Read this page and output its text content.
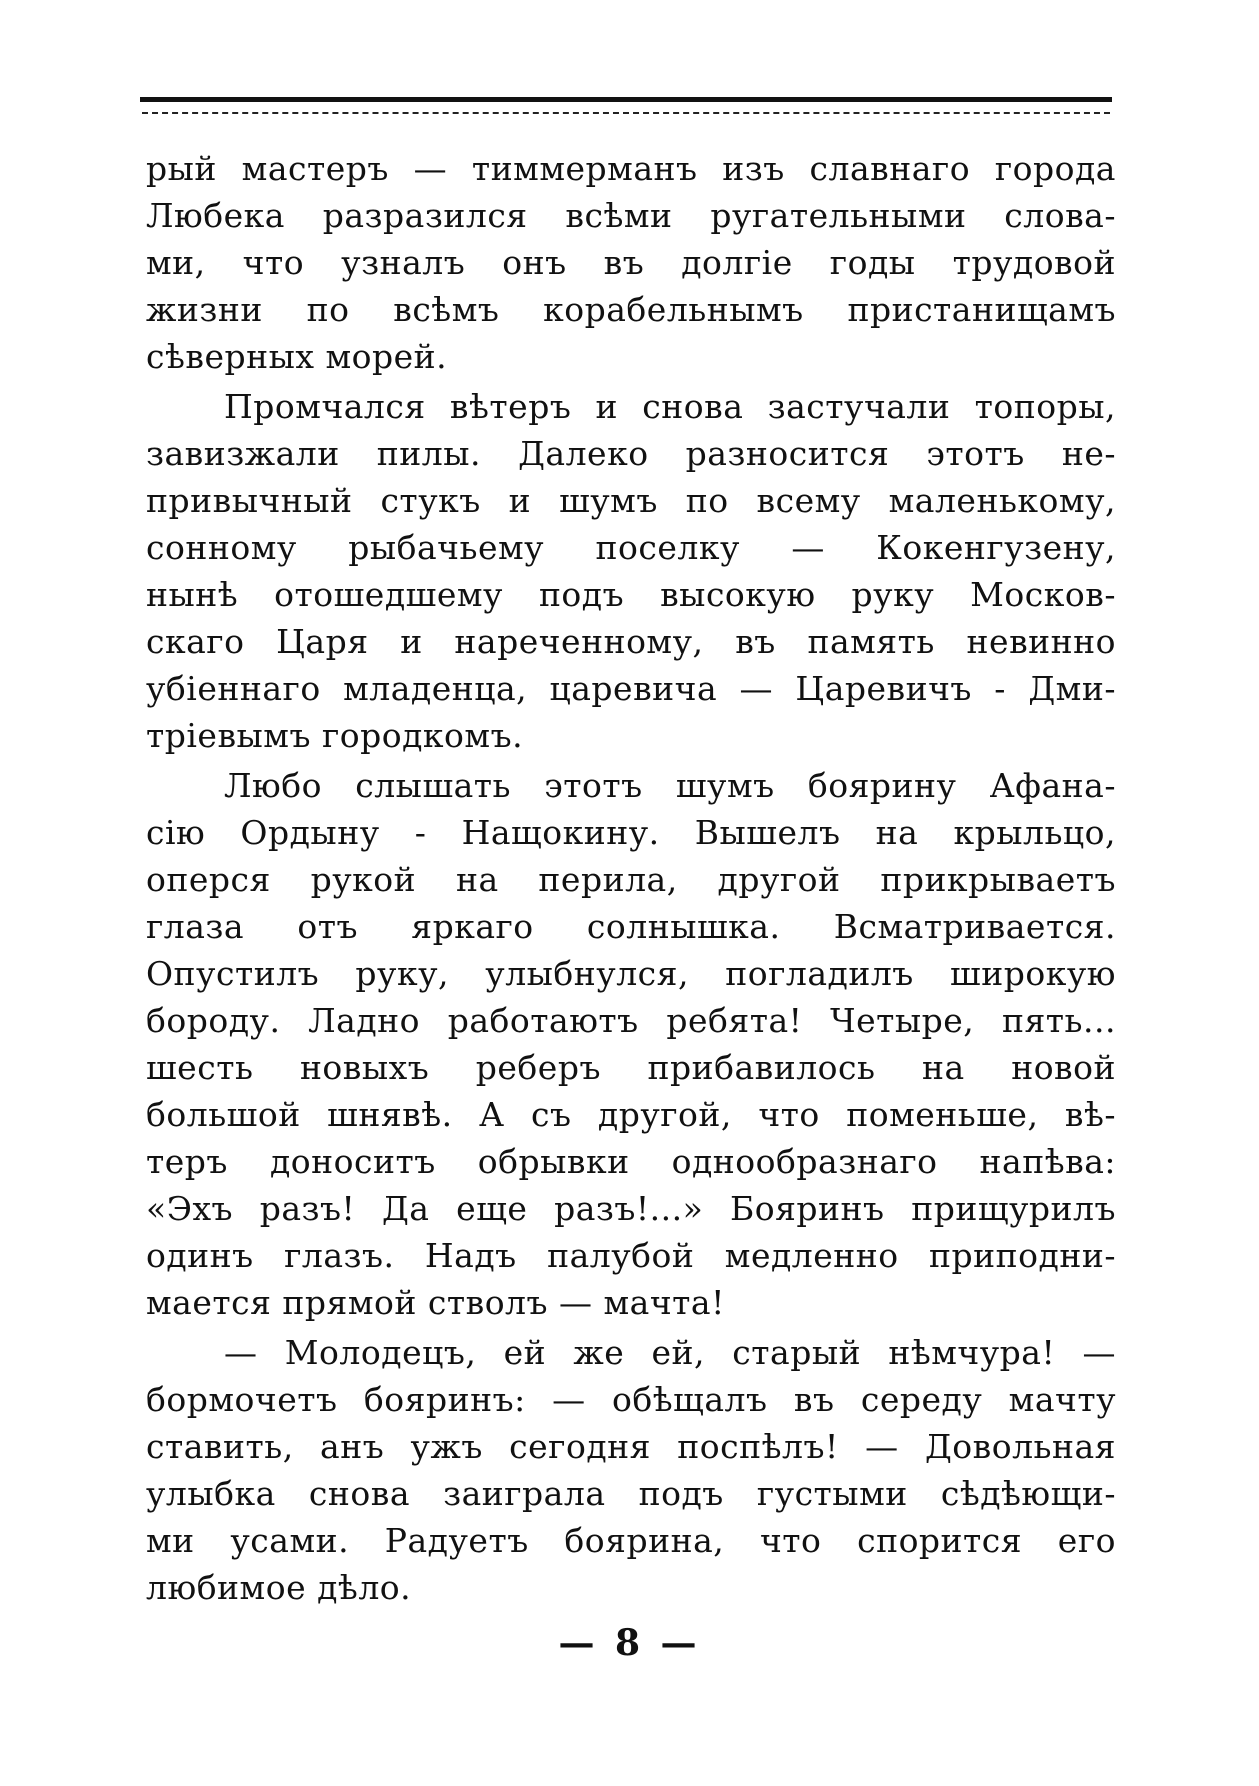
рый мастеръ — тиммерманъ изъ славнаго города
Любека разразился всѣми ругательными слова-
ми, что узналъ онъ въ долгіе годы трудовой
жизни по всѣмъ корабельнымъ пристанищамъ
сѣверных морей.
Промчался вѣтеръ и снова застучали топоры,
завизжали пилы. Далеко разносится этотъ не-
привычный стукъ и шумъ по всему маленькому,
сонному рыбачьему поселку — Кокенгузену,
нынѣ отошедшему подъ высокую руку Москов-
скаго Царя и нареченному, въ память невинно
убіеннаго младенца, царевича — Царевичъ - Дми-
тріевымъ городкомъ.
Любо слышать этотъ шумъ боярину Афана-
сію Ордыну - Нащокину. Вышелъ на крыльцо,
оперся рукой на перила, другой прикрываетъ
глаза отъ яркаго солнышка. Всматривается.
Опустилъ руку, улыбнулся, погладилъ широкую
бороду. Ладно работаютъ ребята! Четыре, пять...
шесть новыхъ реберъ прибавилось на новой
большой шнявѣ. А съ другой, что поменьше, вѣ-
теръ доноситъ обрывки однообразнаго напѣва:
«Эхъ разъ! Да еще разъ!...» Бояринъ прищурилъ
одинъ глазъ. Надъ палубой медленно приподни-
мается прямой стволъ — мачта!
— Молодецъ, ей же ей, старый нѣмчура! —
бормочетъ бояринъ: — обѣщалъ въ середу мачту
ставить, анъ ужъ сегодня поспѣлъ! — Довольная
улыбка снова заиграла подъ густыми сѣдѣющи-
ми усами. Радуетъ боярина, что спорится его
любимое дѣло.
— 8 —
